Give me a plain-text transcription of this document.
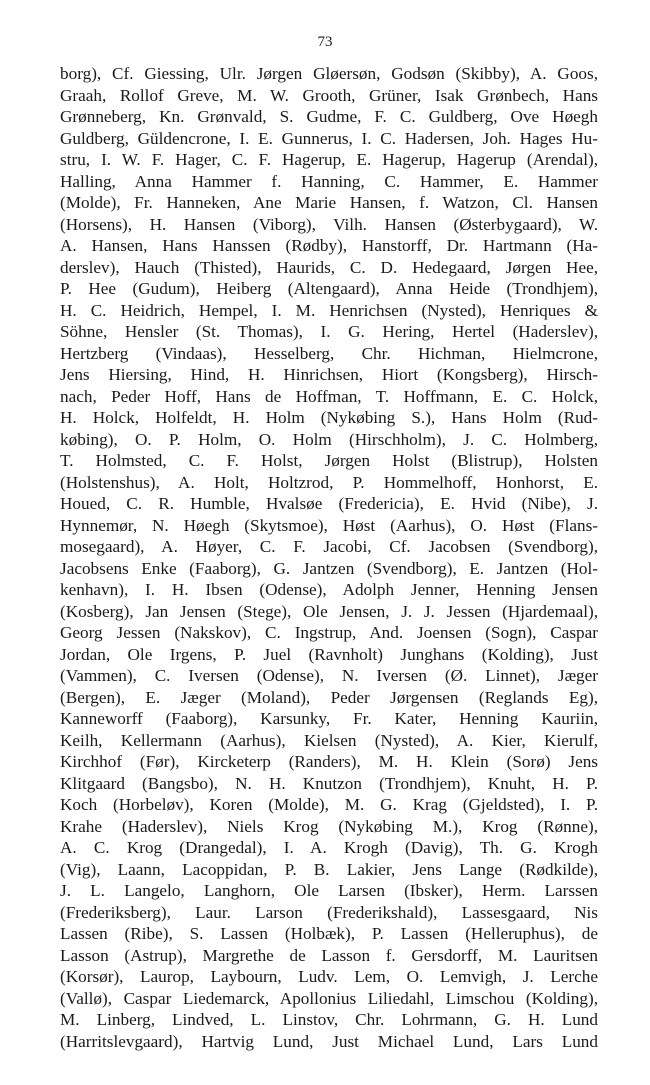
73
borg), Cf. Giessing, Ulr. Jørgen Gløersøn, Godsøn (Skibby), A. Goos,
Graah, Rollof Greve, M. W. Grooth, Grüner, Isak Grønbech, Hans
Grønneberg, Kn. Grønvald, S. Gudme, F. C. Guldberg, Ove Høegh
Guldberg, Güldencrone, I. E. Gunnerus, I. C. Hadersen, Joh. Hages Hu-
stru, I. W. F. Hager, C. F. Hagerup, E. Hagerup, Hagerup (Arendal),
Halling, Anna Hammer f. Hanning, C. Hammer, E. Hammer
(Molde), Fr. Hanneken, Ane Marie Hansen, f. Watzon, Cl. Hansen
(Horsens), H. Hansen (Viborg), Vilh. Hansen (Østerbygaard), W.
A. Hansen, Hans Hanssen (Rødby), Hanstorff, Dr. Hartmann (Ha-
derslev), Hauch (Thisted), Haurids, C. D. Hedegaard, Jørgen Hee,
P. Hee (Gudum), Heiberg (Altengaard), Anna Heide (Trondhjem),
H. C. Heidrich, Hempel, I. M. Henrichsen (Nysted), Henriques &
Söhne, Hensler (St. Thomas), I. G. Hering, Hertel (Haderslev),
Hertzberg (Vindaas), Hesselberg, Chr. Hichman, Hielmcrone,
Jens Hiersing, Hind, H. Hinrichsen, Hiort (Kongsberg), Hirsch-
nach, Peder Hoff, Hans de Hoffman, T. Hoffmann, E. C. Holck,
H. Holck, Holfeldt, H. Holm (Nykøbing S.), Hans Holm (Rud-
købing), O. P. Holm, O. Holm (Hirschholm), J. C. Holmberg,
T. Holmsted, C. F. Holst, Jørgen Holst (Blistrup), Holsten
(Holstenshus), A. Holt, Holtzrod, P. Hommelhoff, Honhorst, E.
Houed, C. R. Humble, Hvalsøe (Fredericia), E. Hvid (Nibe), J.
Hynnemør, N. Høegh (Skytsmoe), Høst (Aarhus), O. Høst (Flans-
mosegaard), A. Høyer, C. F. Jacobi, Cf. Jacobsen (Svendborg),
Jacobsens Enke (Faaborg), G. Jantzen (Svendborg), E. Jantzen (Hol-
kenhavn), I. H. Ibsen (Odense), Adolph Jenner, Henning Jensen
(Kosberg), Jan Jensen (Stege), Ole Jensen, J. J. Jessen (Hjardemaal),
Georg Jessen (Nakskov), C. Ingstrup, And. Joensen (Sogn), Caspar
Jordan, Ole Irgens, P. Juel (Ravnholt) Junghans (Kolding), Just
(Vammen), C. Iversen (Odense), N. Iversen (Ø. Linnet), Jæger
(Bergen), E. Jæger (Moland), Peder Jørgensen (Reglands Eg),
Kanneworff (Faaborg), Karsunky, Fr. Kater, Henning Kauriin,
Keilh, Kellermann (Aarhus), Kielsen (Nysted), A. Kier, Kierulf,
Kirchhof (Før), Kircketerp (Randers), M. H. Klein (Sorø) Jens
Klitgaard (Bangsbo), N. H. Knutzon (Trondhjem), Knuht, H. P.
Koch (Horbeløv), Koren (Molde), M. G. Krag (Gjeldsted), I. P.
Krahe (Haderslev), Niels Krog (Nykøbing M.), Krog (Rønne),
A. C. Krog (Drangedal), I. A. Krogh (Davig), Th. G. Krogh
(Vig), Laann, Lacoppidan, P. B. Lakier, Jens Lange (Rødkilde),
J. L. Langelo, Langhorn, Ole Larsen (Ibsker), Herm. Larssen
(Frederiksberg), Laur. Larson (Frederikshald), Lassesgaard, Nis
Lassen (Ribe), S. Lassen (Holbæk), P. Lassen (Helleruphus), de
Lasson (Astrup), Margrethe de Lasson f. Gersdorff, M. Lauritsen
(Korsør), Laurop, Laybourn, Ludv. Lem, O. Lemvigh, J. Lerche
(Vallø), Caspar Liedemarck, Apollonius Liliedahl, Limschou (Kolding),
M. Linberg, Lindved, L. Linstov, Chr. Lohrmann, G. H. Lund
(Harritslevgaard), Hartvig Lund, Just Michael Lund, Lars Lund
